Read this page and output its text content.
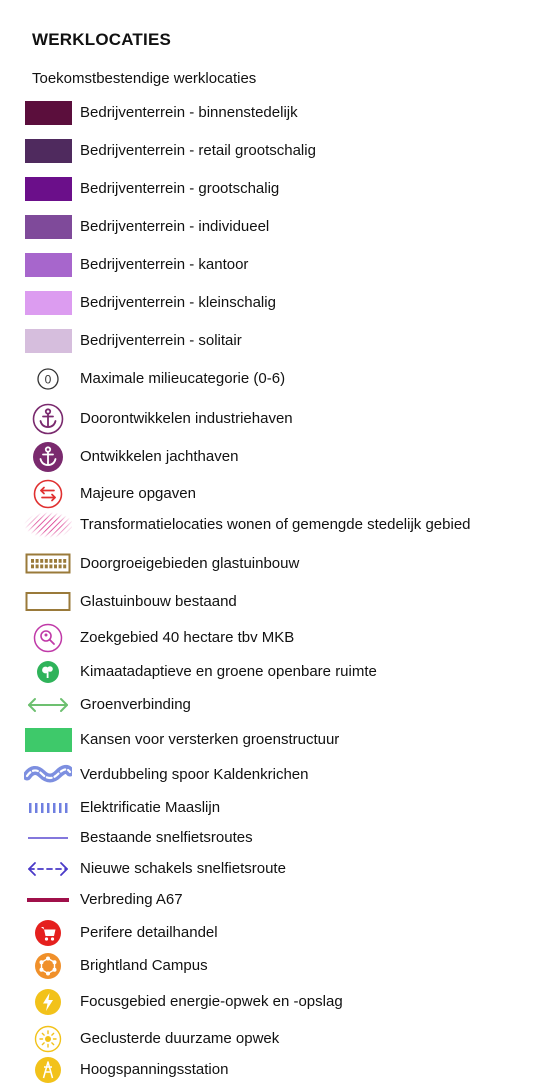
WERKLOCATIES
Toekomstbestendige werklocaties
Bedrijventerrein - binnenstedelijk
Bedrijventerrein - retail grootschalig
Bedrijventerrein - grootschalig
Bedrijventerrein - individueel
Bedrijventerrein - kantoor
Bedrijventerrein - kleinschalig
Bedrijventerrein - solitair
0 Maximale milieucategorie (0-6)
Doorontwikkelen industriehaven
Ontwikkelen jachthaven
Majeure opgaven
Transformatielocaties wonen of gemengde stedelijk gebied
Doorgroeigebieden glastuinbouw
Glastuinbouw bestaand
Zoekgebied 40 hectare tbv MKB
Kimaatadaptieve en groene openbare ruimte
Groenverbinding
Kansen voor versterken groenstructuur
Verdubbeling spoor Kaldenkrichen
Elektrificatie Maaslijn
Bestaande snelfietsroutes
Nieuwe schakels snelfietsroute
Verbreding A67
Perifere detailhandel
Brightland Campus
Focusgebied energie-opwek en -opslag
Geclusterde duurzame opwek
Hoogspanningsstation
